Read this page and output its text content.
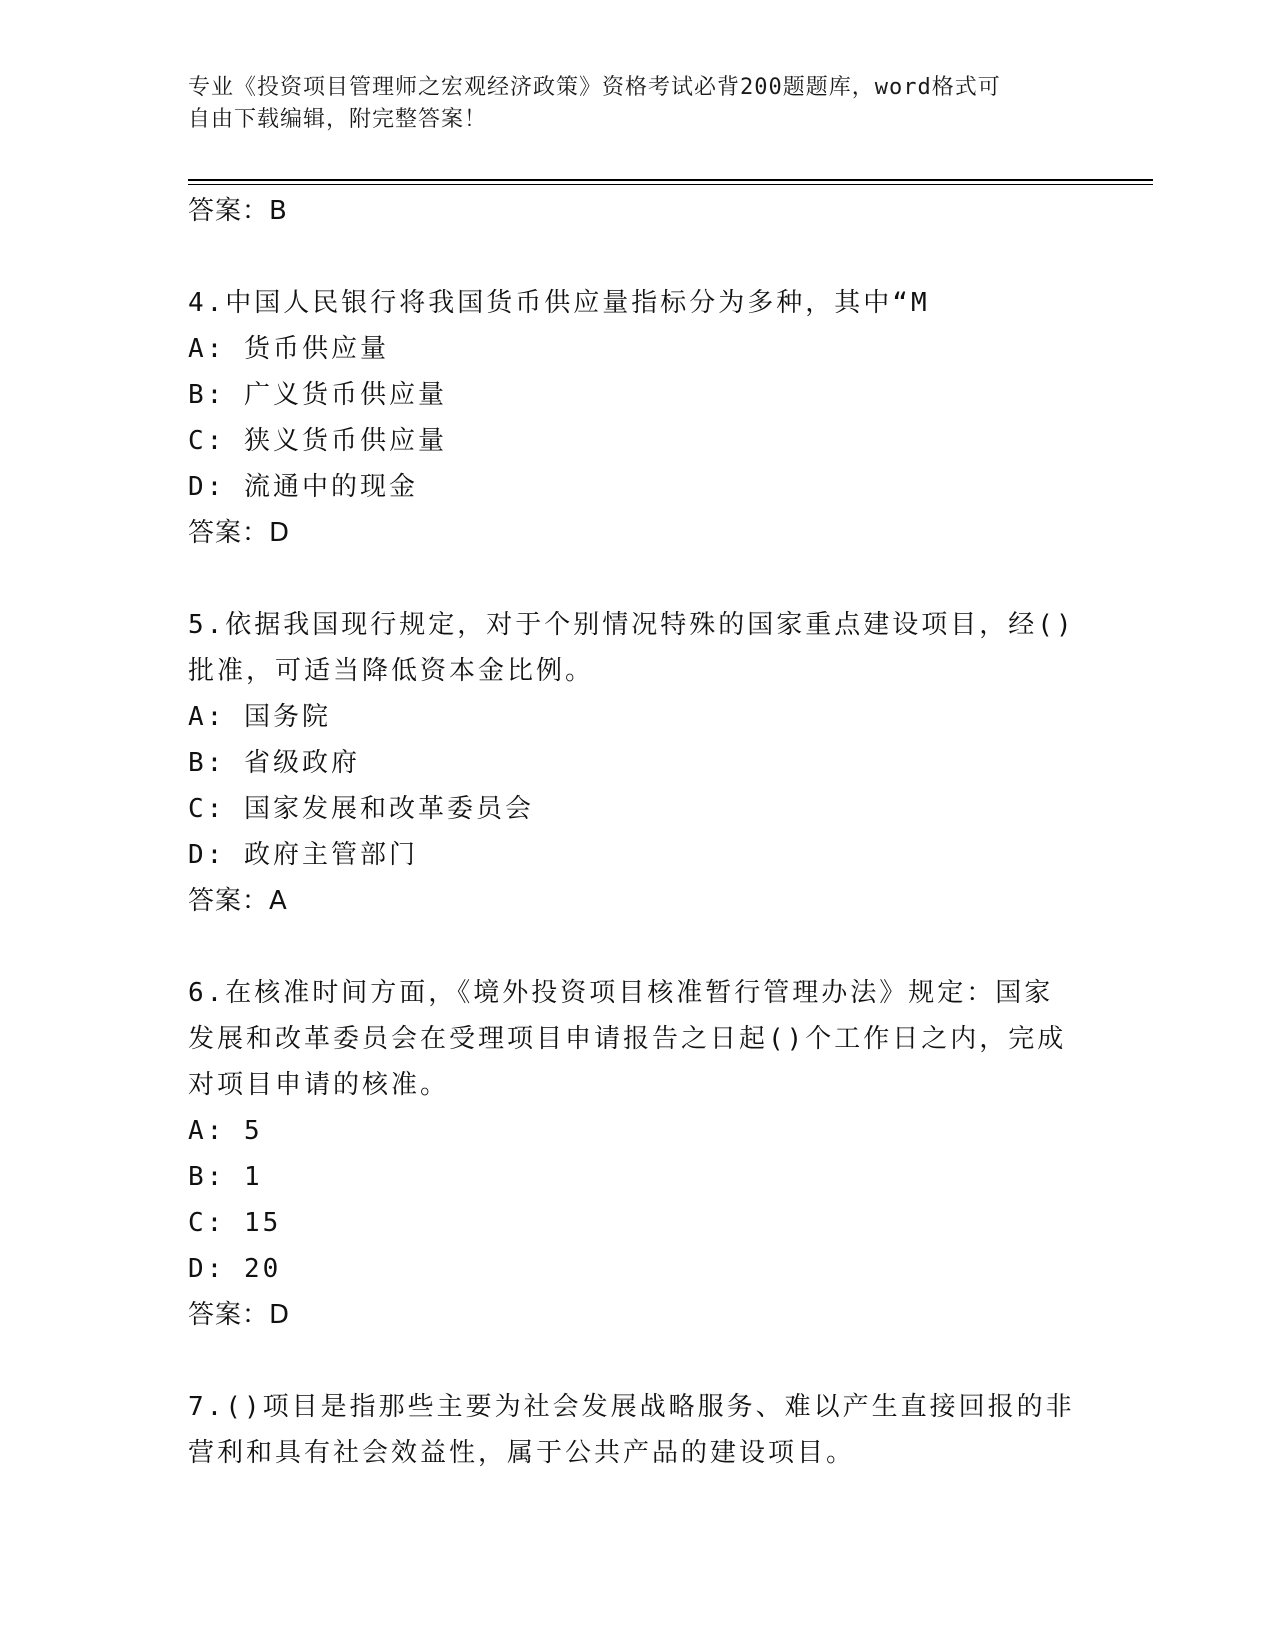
专业《投资项目管理师之宏观经济政策》资格考试必背200题题库，word格式可
自由下载编辑，附完整答案！
答案：B
4.中国人民银行将我国货币供应量指标分为多种，其中“M
A: 货币供应量
B: 广义货币供应量
C: 狭义货币供应量
D: 流通中的现金
答案：D
5.依据我国现行规定，对于个别情况特殊的国家重点建设项目，经()
批准，可适当降低资本金比例。
A: 国务院
B: 省级政府
C: 国家发展和改革委员会
D: 政府主管部门
答案：A
6.在核准时间方面，《境外投资项目核准暂行管理办法》规定：国家
发展和改革委员会在受理项目申请报告之日起()个工作日之内，完成
对项目申请的核准。
A: 5
B: 1
C: 15
D: 20
答案：D
7.()项目是指那些主要为社会发展战略服务、难以产生直接回报的非
营利和具有社会效益性，属于公共产品的建设项目。
